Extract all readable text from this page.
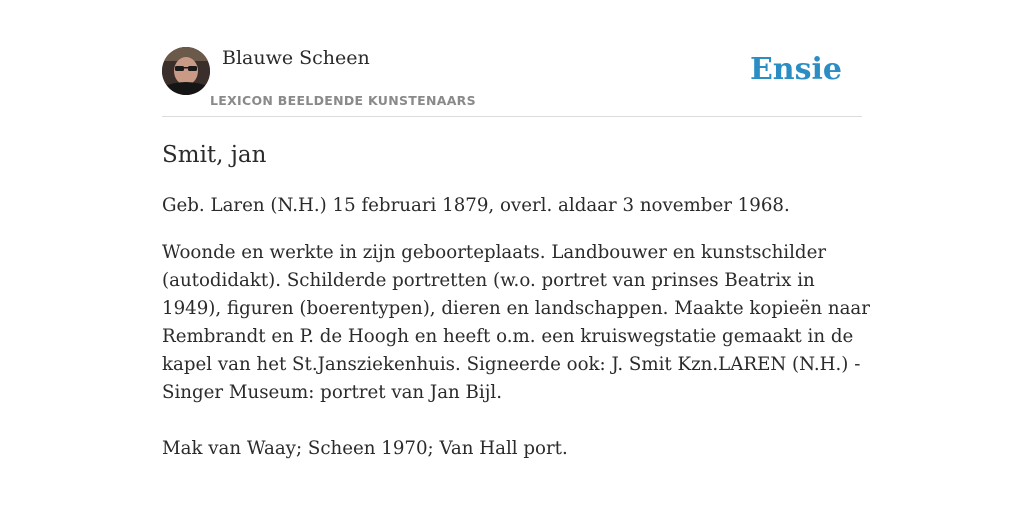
Blauwe Scheen
LEXICON BEELDENDE KUNSTENAARS
Ensie
Smit, jan

Geb. Laren (N.H.) 15 februari 1879, overl. aldaar 3 november 1968.

Woonde en werkte in zijn geboorteplaats. Landbouwer en kunstschilder (autodidakt). Schilderde portretten (w.o. portret van prinses Beatrix in 1949), figuren (boerentypen), dieren en landschappen. Maakte kopieën naar Rembrandt en P. de Hoogh en heeft o.m. een kruiswegstatie gemaakt in de kapel van het St.Jansziekenhuis. Signeerde ook: J. Smit Kzn.LAREN (N.H.) -Singer Museum: portret van Jan Bijl.

Mak van Waay; Scheen 1970; Van Hall port.
